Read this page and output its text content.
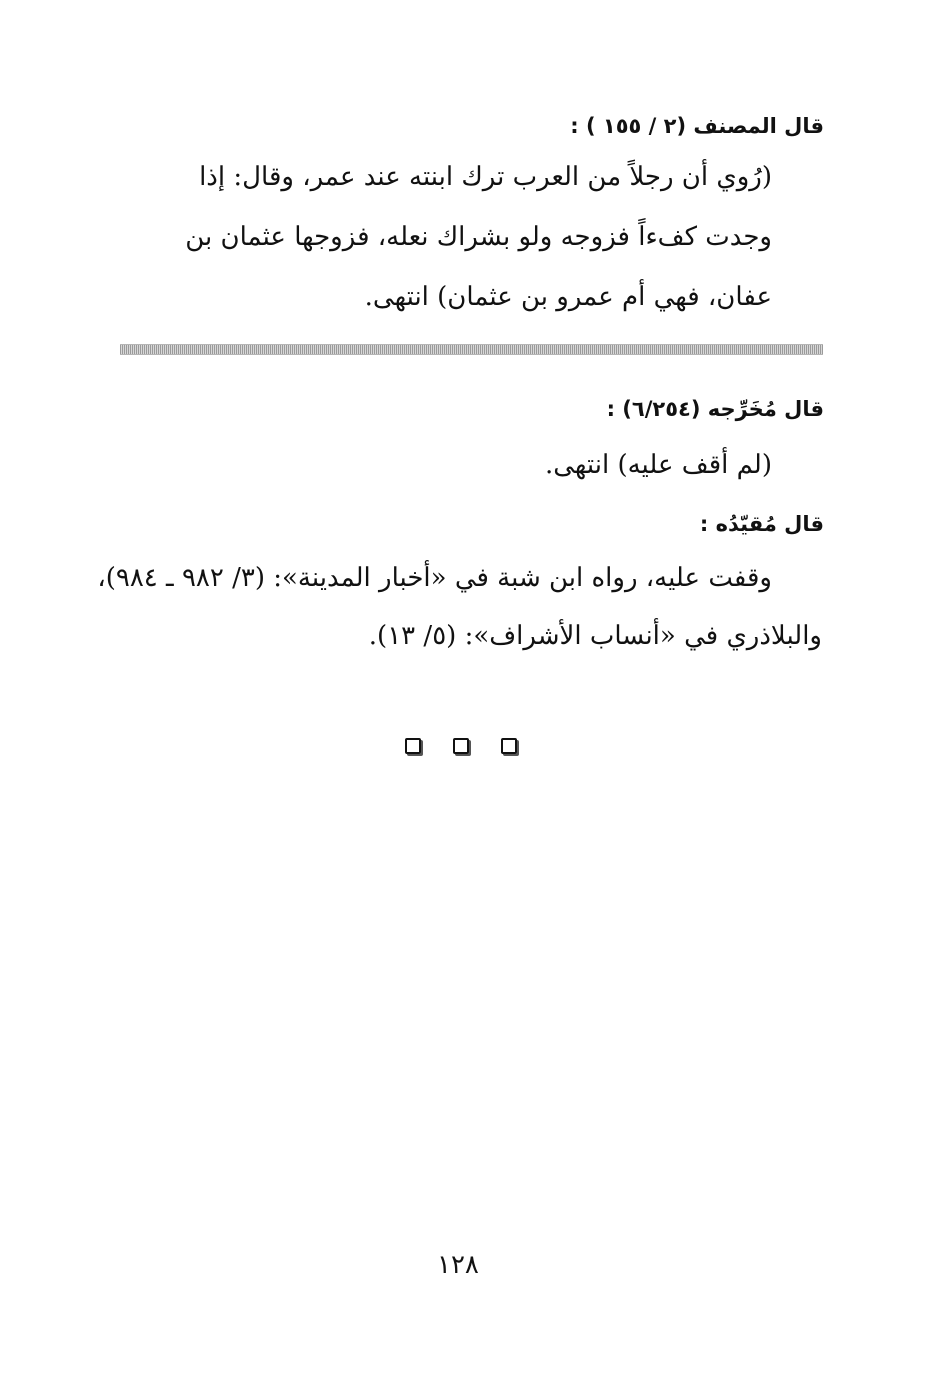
قال المصنف (٢ / ١٥٥ ) :
(رُوي أن رجلاً من العرب ترك ابنته عند عمر، وقال: إذا
وجدت كفءاً فزوجه ولو بشراك نعله، فزوجها عثمان بن
عفان، فهي أم عمرو بن عثمان) انتهى.
قال مُخَرِّجه (٦/٢٥٤) :
(لم أقف عليه) انتهى.
قال مُقيّدُه :
وقفت عليه، رواه ابن شبة في «أخبار المدينة»: (٣/ ٩٨٢ ـ ٩٨٤)،
والبلاذري في «أنساب الأشراف»: (٥/ ١٣).
١٢٨
